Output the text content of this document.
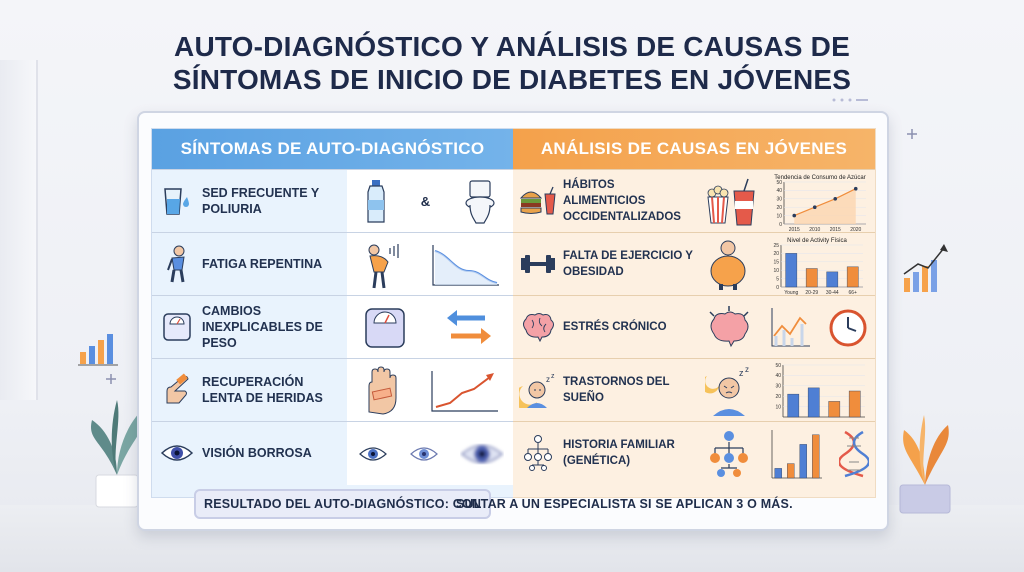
AUTO-DIAGNÓSTICO Y ANÁLISIS DE CAUSAS DE
SÍNTOMAS DE INICIO DE DIABETES EN JÓVENES
SÍNTOMAS DE AUTO-DIAGNÓSTICO
SED FRECUENTE Y POLIURIA	&
FATIGA REPENTINA
CAMBIOS INEXPLICABLES DE PESO
RECUPERACIÓN LENTA DE HERIDAS
VISIÓN BORROSA
ANÁLISIS DE CAUSAS EN JÓVENES
HÁBITOS ALIMENTICIOS OCCIDENTALIZADOS
Tendencia de Consumo de Azúcar
0
10
20
30
40
50
2015 2010 2015 2020
FALTA DE EJERCICIO Y OBESIDAD
Nivel de Activity Física
0
5
10
15
20
25
Young 20-29 30-44 66+
ESTRÉS CRÓNICO
z z TRASTORNOS DEL SUEÑO
z z
10
20
30
40
50
HISTORIA FAMILIAR (GENÉTICA)
RESULTADO DEL AUTO-DIAGNÓSTICO: CON
SULTAR A UN ESPECIALISTA SI SE APLICAN 3 O MÁS.
